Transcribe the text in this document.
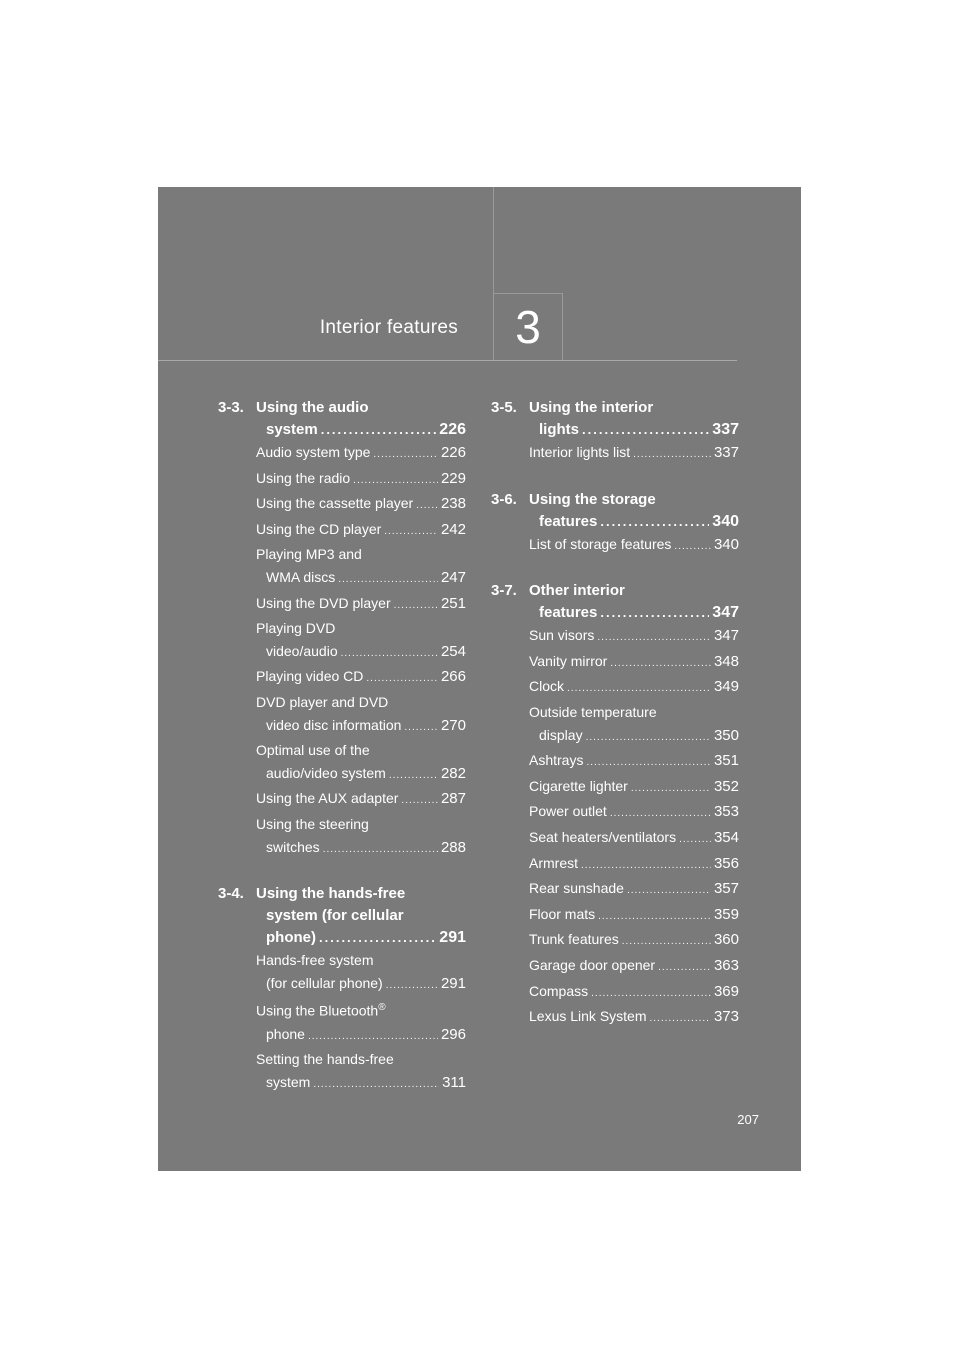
Interior features 3
3-3. Using the audio
system .....	226
Audio system type .....	226
Using the radio .....	229
Using the cassette player ..... 238
Using the CD player .....	242
Playing MP3 and
WMA discs .....	247
Using the DVD player .....	251
Playing DVD
video/audio .....	254
Playing video CD .....	266
DVD player and DVD
video disc information .....	270
Optimal use of the
audio/video system .....	282
Using the AUX adapter .....	287
Using the steering
switches .....	288
3-4. Using the hands-free
system (for cellular
phone) .....	291
Hands-free system
(for cellular phone) .....	291
Using the Bluetooth®
phone .....	296
Setting the hands-free
system .....	311
3-5. Using the interior
lights .....	337
Interior lights list .....	337
3-6. Using the storage
features .....	340
List of storage features .....	340
3-7. Other interior
features .....	347
Sun visors .....	347
Vanity mirror .....	348
Clock .....	349
Outside temperature
display .....	350
Ashtrays .....	351
Cigarette lighter .....	352
Power outlet .....	353
Seat heaters/ventilators .....	354
Armrest .....	356
Rear sunshade .....	357
Floor mats .....	359
Trunk features .....	360
Garage door opener .....	363
Compass .....	369
Lexus Link System .....	373
207
